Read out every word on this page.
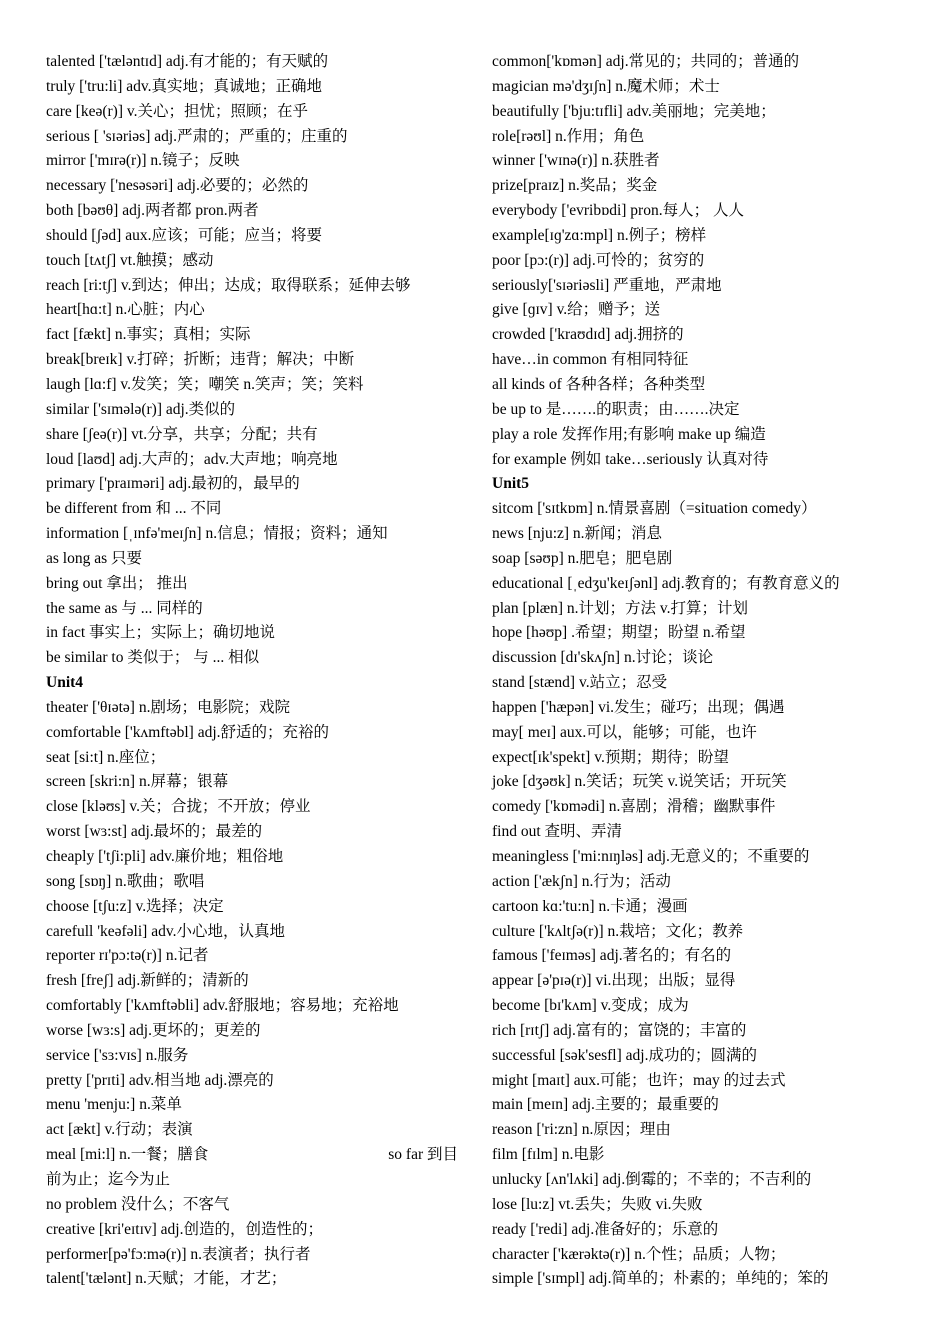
talented ['tæləntɪd] adj.有才能的；有天赋的
truly ['tru:li] adv.真实地；真诚地；正确地
care [keə(r)] v.关心；担忧；照顾；在乎
serious [ 'sɪəriəs] adj.严肃的；严重的；庄重的
mirror ['mɪrə(r)] n.镜子；反映
necessary ['nesəsəri] adj.必要的；必然的
both [bəʊθ] adj.两者都 pron.两者
should [ʃəd] aux.应该；可能；应当；将要
touch [tʌtʃ] vt.触摸；感动
reach [ri:tʃ] v.到达；伸出；达成；取得联系；延伸去够
heart[hɑ:t] n.心脏；内心
fact [fækt] n.事实；真相；实际
break[breɪk] v.打碎；折断；违背；解决；中断
laugh [lɑ:f] v.发笑；笑；嘲笑 n.笑声；笑；笑料
similar ['sɪmələ(r)] adj.类似的
share [ʃeə(r)] vt.分享，共享；分配；共有
loud [laʊd] adj.大声的；adv.大声地；响亮地
primary ['praɪməri] adj.最初的，最早的
be different from 和 ... 不同
information [ˌɪnfə'meɪʃn] n.信息；情报；资料；通知
as long as 只要
bring out 拿出； 推出
the same as 与 ... 同样的
in fact 事实上；实际上；确切地说
be similar to 类似于； 与 ... 相似
Unit4
theater ['θɪətə] n.剧场；电影院；戏院
comfortable ['kʌmftəbl] adj.舒适的；充裕的
seat [si:t] n.座位；
screen [skri:n] n.屏幕；银幕
close [kləʊs] v.关；合拢；不开放；停业
worst [wɜ:st] adj.最坏的；最差的
cheaply ['tʃi:pli] adv.廉价地；粗俗地
song [sɒŋ] n.歌曲；歌唱
choose [tʃu:z] v.选择；决定
carefull 'keəfəli] adv.小心地，认真地
reporter rɪ'pɔ:tə(r)] n.记者
fresh [freʃ] adj.新鲜的；清新的
comfortably ['kʌmftəbli] adv.舒服地；容易地；充裕地
worse [wɜ:s] adj.更坏的；更差的
service ['sɜ:vɪs] n.服务
pretty ['prɪti] adv.相当地 adj.漂亮的
menu 'menju:] n.菜单
act [ækt] v.行动；表演
meal [mi:l] n.一餐；膳食	so far 到目
前为止；迄今为止
no problem 没什么；不客气
creative [kri'eɪtɪv] adj.创造的，创造性的；
performer[pə'fɔ:mə(r)] n.表演者；执行者
talent['tælənt] n.天赋；才能，才艺；
common['kɒmən] adj.常见的；共同的；普通的
magician mə'dʒɪʃn] n.魔术师；术士
beautifully ['bju:tɪfli] adv.美丽地；完美地；
role[rəʊl] n.作用；角色
winner ['wɪnə(r)] n.获胜者
prize[praɪz] n.奖品；奖金
everybody ['evribɒdi] pron.每人； 人人
example[ɪɡ'zɑ:mpl] n.例子；榜样
poor [pɔ:(r)] adj.可怜的；贫穷的
seriously['sɪəriəsli] 严重地，严肃地
give [ɡɪv] v.给；赠予；送
crowded ['kraʊdɪd] adj.拥挤的
have…in common 有相同特征
all kinds of 各种各样；各种类型
be up to 是…….的职责；由…….决定
play a role 发挥作用;有影响 make up 编造
for example 例如 take…seriously 认真对待
Unit5
sitcom ['sɪtkɒm] n.情景喜剧（=situation comedy）
news [nju:z] n.新闻；消息
soap [səʊp] n.肥皂；肥皂剧
educational [ˌedʒu'keɪʃənl] adj.教育的；有教育意义的
plan [plæn] n.计划；方法 v.打算；计划
hope [həʊp] .希望；期望；盼望 n.希望
discussion [dɪ'skʌʃn] n.讨论；谈论
stand [stænd] v.站立；忍受
happen ['hæpən] vi.发生；碰巧；出现；偶遇
may[ meɪ] aux.可以，能够；可能，也许
expect[ɪk'spekt] v.预期；期待；盼望
joke [dʒəʊk] n.笑话；玩笑 v.说笑话；开玩笑
comedy ['kɒmədi] n.喜剧；滑稽；幽默事件
find out 查明、弄清
meaningless ['mi:nɪŋləs] adj.无意义的；不重要的
action ['ækʃn] n.行为；活动
cartoon kɑ:'tu:n] n.卡通；漫画
culture ['kʌltʃə(r)] n.栽培；文化；教养
famous ['feɪməs] adj.著名的；有名的
appear [ə'pɪə(r)] vi.出现；出版；显得
become [bɪ'kʌm] v.变成；成为
rich [rɪtʃ] adj.富有的；富饶的；丰富的
successful [sək'sesfl] adj.成功的；圆满的
might [maɪt] aux.可能；也许；may 的过去式
main [meɪn] adj.主要的；最重要的
reason ['ri:zn] n.原因；理由
film [fɪlm] n.电影
unlucky [ʌn'lʌki] adj.倒霉的；不幸的；不吉利的
lose [lu:z] vt.丢失；失败 vi.失败
ready ['redi] adj.准备好的；乐意的
character ['kærəktə(r)] n.个性；品质；人物；
simple ['sɪmpl] adj.简单的；朴素的；单纯的；笨的
